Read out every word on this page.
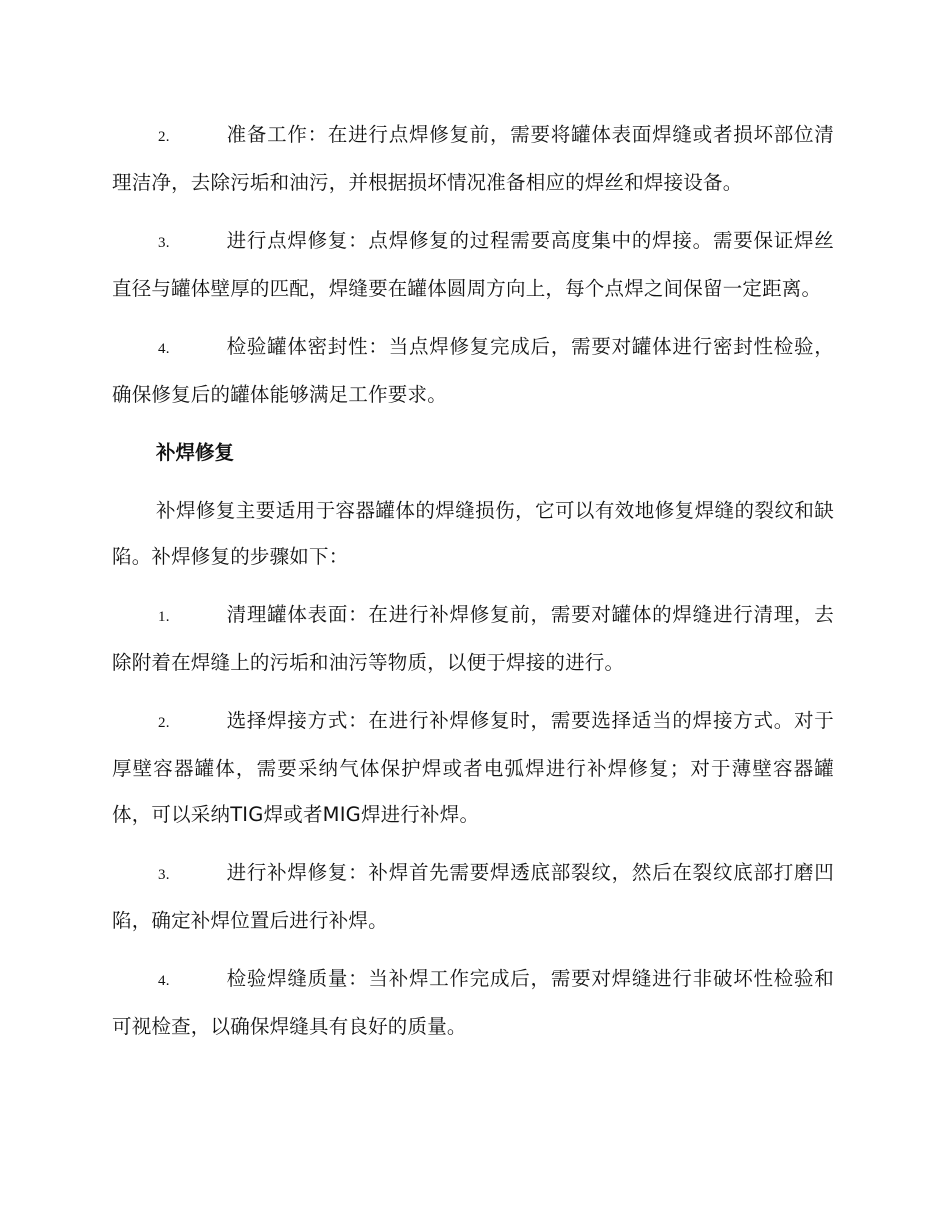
2.	准备工作：在进行点焊修复前，需要将罐体表面焊缝或者损坏部位清理洁净，去除污垢和油污，并根据损坏情况准备相应的焊丝和焊接设备。

3.	进行点焊修复：点焊修复的过程需要高度集中的焊接。需要保证焊丝直径与罐体壁厚的匹配，焊缝要在罐体圆周方向上，每个点焊之间保留一定距离。

4.	检验罐体密封性：当点焊修复完成后，需要对罐体进行密封性检验，确保修复后的罐体能够满足工作要求。

补焊修复

补焊修复主要适用于容器罐体的焊缝损伤，它可以有效地修复焊缝的裂纹和缺陷。补焊修复的步骤如下：

1.	清理罐体表面：在进行补焊修复前，需要对罐体的焊缝进行清理，去除附着在焊缝上的污垢和油污等物质，以便于焊接的进行。

2.	选择焊接方式：在进行补焊修复时，需要选择适当的焊接方式。对于厚壁容器罐体，需要采纳气体保护焊或者电弧焊进行补焊修复；对于薄壁容器罐体，可以采纳TIG焊或者MIG焊进行补焊。

3.	进行补焊修复：补焊首先需要焊透底部裂纹，然后在裂纹底部打磨凹陷，确定补焊位置后进行补焊。

4.	检验焊缝质量：当补焊工作完成后，需要对焊缝进行非破坏性检验和可视检查，以确保焊缝具有良好的质量。
